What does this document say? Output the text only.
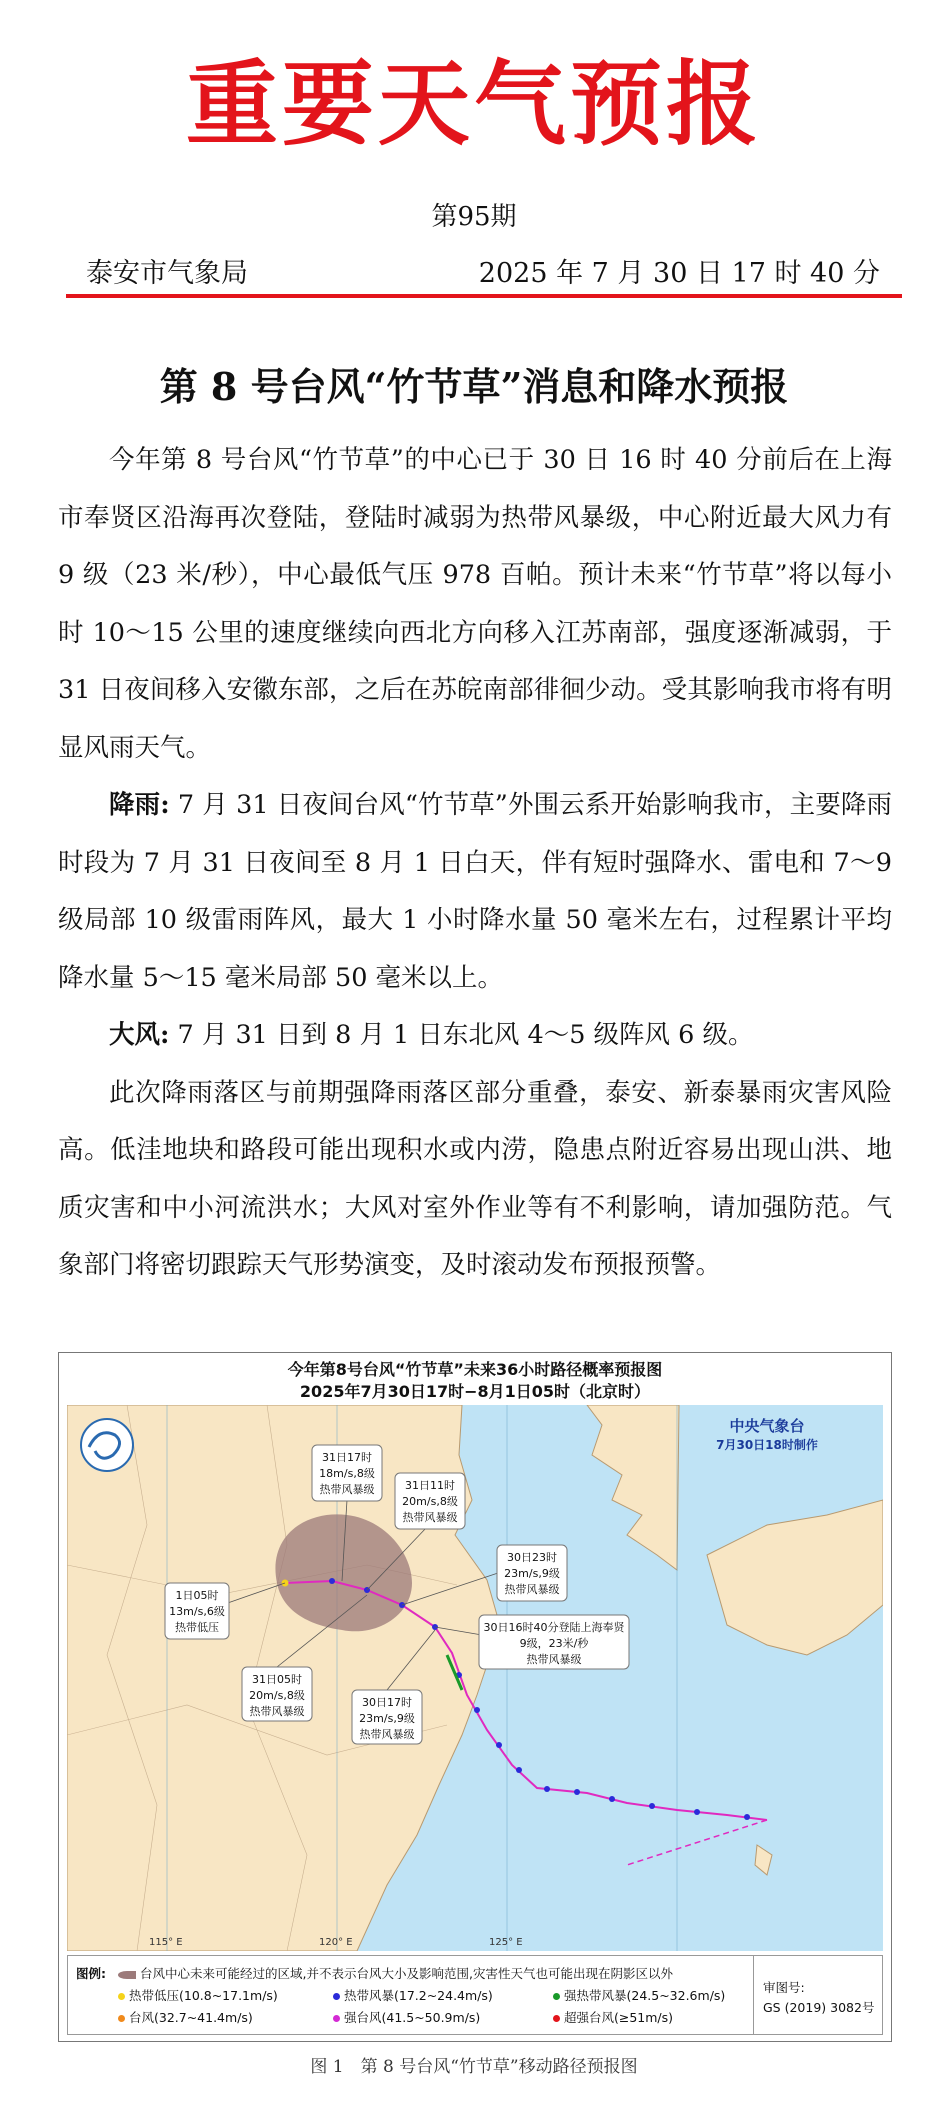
重要天气预报
第95期
泰安市气象局	2025 年 7 月 30 日 17 时 40 分
第 8 号台风“竹节草”消息和降水预报

今年第 8 号台风“竹节草”的中心已于 30 日 16 时 40 分前后在上海市奉贤区沿海再次登陆，登陆时减弱为热带风暴级，中心附近最大风力有 9 级（23 米/秒），中心最低气压 978 百帕。预计未来“竹节草”将以每小时 10～15 公里的速度继续向西北方向移入江苏南部，强度逐渐减弱，于 31 日夜间移入安徽东部，之后在苏皖南部徘徊少动。受其影响我市将有明显风雨天气。

降雨: 7 月 31 日夜间台风“竹节草”外围云系开始影响我市，主要降雨时段为 7 月 31 日夜间至 8 月 1 日白天，伴有短时强降水、雷电和 7～9 级局部 10 级雷雨阵风，最大 1 小时降水量 50 毫米左右，过程累计平均降水量 5～15 毫米局部 50 毫米以上。

大风: 7 月 31 日到 8 月 1 日东北风 4～5 级阵风 6 级。

此次降雨落区与前期强降雨落区部分重叠，泰安、新泰暴雨灾害风险高。低洼地块和路段可能出现积水或内涝，隐患点附近容易出现山洪、地质灾害和中小河流洪水；大风对室外作业等有不利影响，请加强防范。气象部门将密切跟踪天气形势演变，及时滚动发布预报预警。

今年第8号台风“竹节草”未来36小时路径概率预报图
2025年7月30日17时−8月1日05时（北京时）
115° E	120° E	125° E
中央气象台
7月30日18时制作
31日17时
18m/s,8级
热带风暴级	31日11时
20m/s,8级
热带风暴级
30日23时
23m/s,9级
热带风暴级
1日05时
13m/s,6级
热带低压	30日16时40分登陆上海奉贤
9级，23米/秒
热带风暴级
31日05时
20m/s,8级
热带风暴级
30日17时
23m/s,9级
热带风暴级
图例:	台风中心未来可能经过的区域,并不表示台风大小及影响范围,灾害性天气也可能出现在阴影区以外
热带低压(10.8~17.1m/s)	热带风暴(17.2~24.4m/s)	强热带风暴(24.5~32.6m/s)
台风(32.7~41.4m/s)	强台风(41.5~50.9m/s)	超强台风(≥51m/s)
审图号:
GS (2019) 3082号
图 1　第 8 号台风“竹节草”移动路径预报图
